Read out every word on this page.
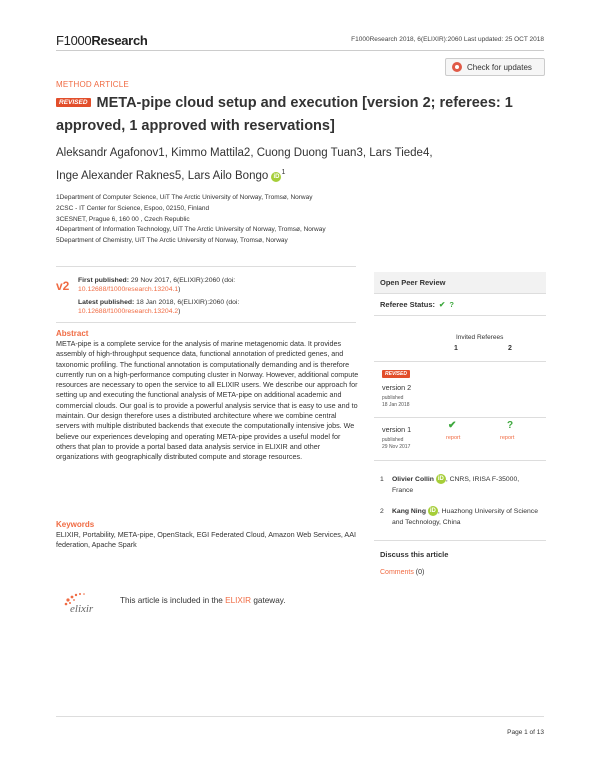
F1000Research	F1000Research 2018, 6(ELIXIR):2060 Last updated: 25 OCT 2018
Check for updates
METHOD ARTICLE
$^{REVISED}$ META-pipe cloud setup and execution [version 2; referees: 1 approved, 1 approved with reservations]
Aleksandr Agafonov1, Kimmo Mattila2, Cuong Duong Tuan3, Lars Tiede4,
Inge Alexander Raknes5, Lars Ailo Bongo $iD^1$
1Department of Computer Science, UiT The Arctic University of Norway, Tromsø, Norway
2CSC - IT Center for Science, Espoo, 02150, Finland
3CESNET, Prague 6, 160 00 , Czech Republic
4Department of Information Technology, UiT The Arctic University of Norway, Tromsø, Norway
5Department of Chemistry, UiT The Arctic University of Norway, Tromsø, Norway
v2 First published: 29 Nov 2017, 6(ELIXIR):2060 (doi:
10.12688/f1000research.13204.1)
Latest published: 18 Jan 2018, 6(ELIXIR):2060 (doi:
10.12688/f1000research.13204.2)
Abstract
META-pipe is a complete service for the analysis of marine metagenomic data. It provides assembly of high-throughput sequence data, functional annotation of predicted genes, and taxonomic profiling. The functional annotation is computationally demanding and is therefore currently run on a high-performance computing cluster in Norway. However, additional compute resources are necessary to open the service to all ELIXIR users. We describe our approach for setting up and executing the functional analysis of META-pipe on additional academic and commercial clouds. Our goal is to provide a powerful analysis service that is easy to use and to maintain. Our design therefore uses a distributed architecture where we combine central servers with multiple distributed backends that execute the computationally intensive jobs. We believe our experiences developing and operating META-pipe provides a useful model for others that plan to provide a portal based data analysis service in ELIXIR and other organizations with geographically distributed compute and storage resources.
Keywords
ELIXIR, Portability, META-pipe, OpenStack, EGI Federated Cloud, Amazon Web Services, AAI federation, Apache Spark
elixir
This article is included in the ELIXIR gateway.
Open Peer Review
Referee Status: ✔ ?
Invited Referees
1	2
REVISED
version 2
published
18 Jan 2018
version 1
published
29 Nov 2017
✔
report
?
report
1 Olivier Collin iD , CNRS, IRISA F-35000, France
2 Kang Ning iD , Huazhong University of Science and Technology, China
Discuss this article
Comments (0)
Page 1 of 13
